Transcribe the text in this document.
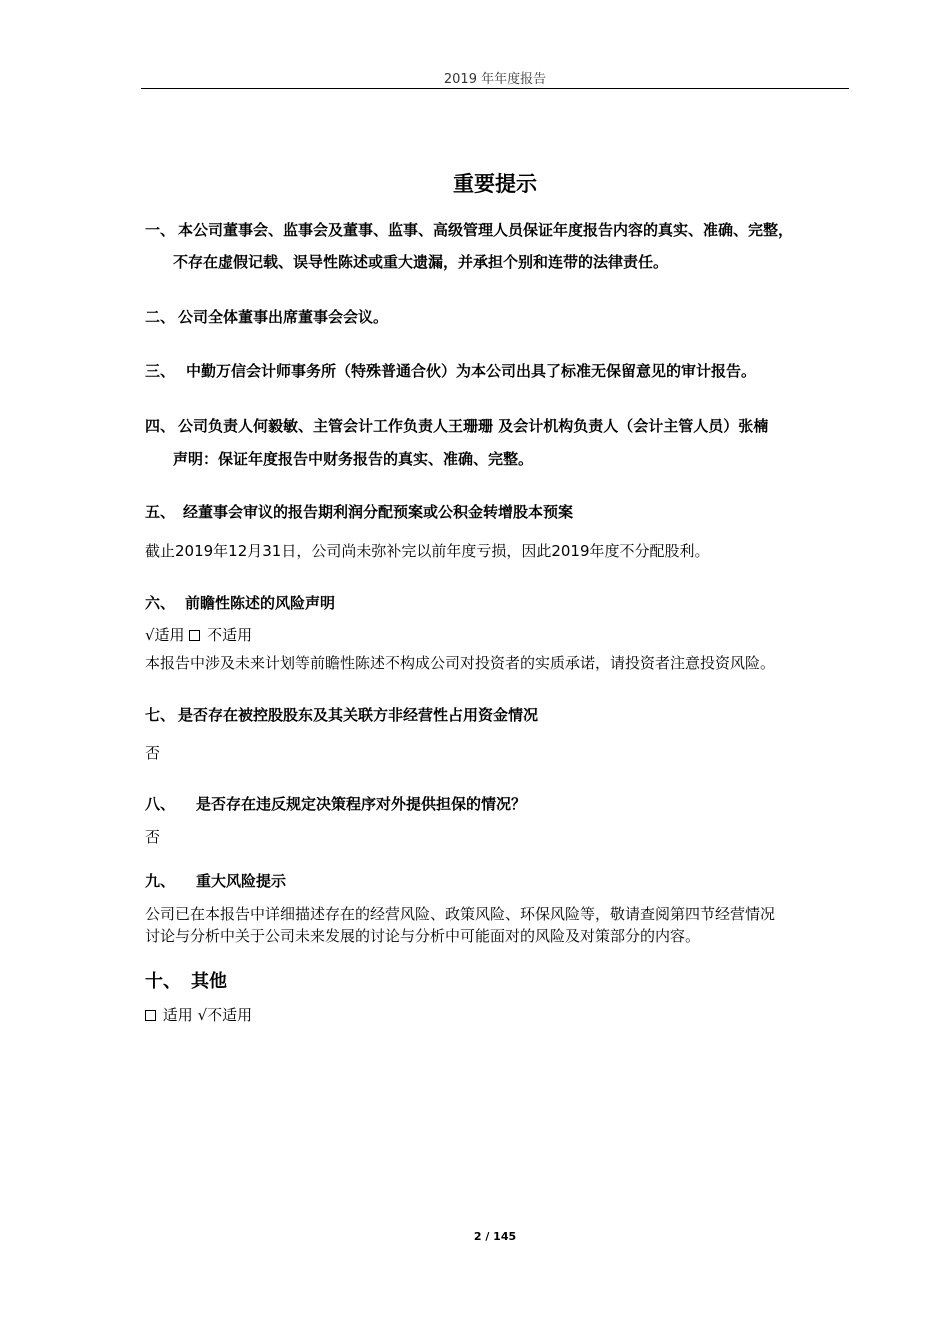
2019 年年度报告
重要提示
一、 本公司董事会、监事会及董事、监事、高级管理人员保证年度报告内容的真实、准确、完整，
不存在虚假记载、误导性陈述或重大遗漏，并承担个别和连带的法律责任。
二、 公司全体董事出席董事会会议。
三、 中勤万信会计师事务所（特殊普通合伙）为本公司出具了标准无保留意见的审计报告。
四、 公司负责人何毅敏、主管会计工作负责人王珊珊 及会计机构负责人（会计主管人员）张楠
声明：保证年度报告中财务报告的真实、准确、完整。
五、 经董事会审议的报告期利润分配预案或公积金转增股本预案
截止2019年12月31日，公司尚未弥补完以前年度亏损，因此2019年度不分配股利。
六、 前瞻性陈述的风险声明
√适用  不适用
本报告中涉及未来计划等前瞻性陈述不构成公司对投资者的实质承诺，请投资者注意投资风险。
七、 是否存在被控股股东及其关联方非经营性占用资金情况
否
八、 是否存在违反规定决策程序对外提供担保的情况？
否
九、 重大风险提示
公司已在本报告中详细描述存在的经营风险、政策风险、环保风险等，敬请查阅第四节经营情况
讨论与分析中关于公司未来发展的讨论与分析中可能面对的风险及对策部分的内容。
十、 其他
适用 √不适用
2 / 145
